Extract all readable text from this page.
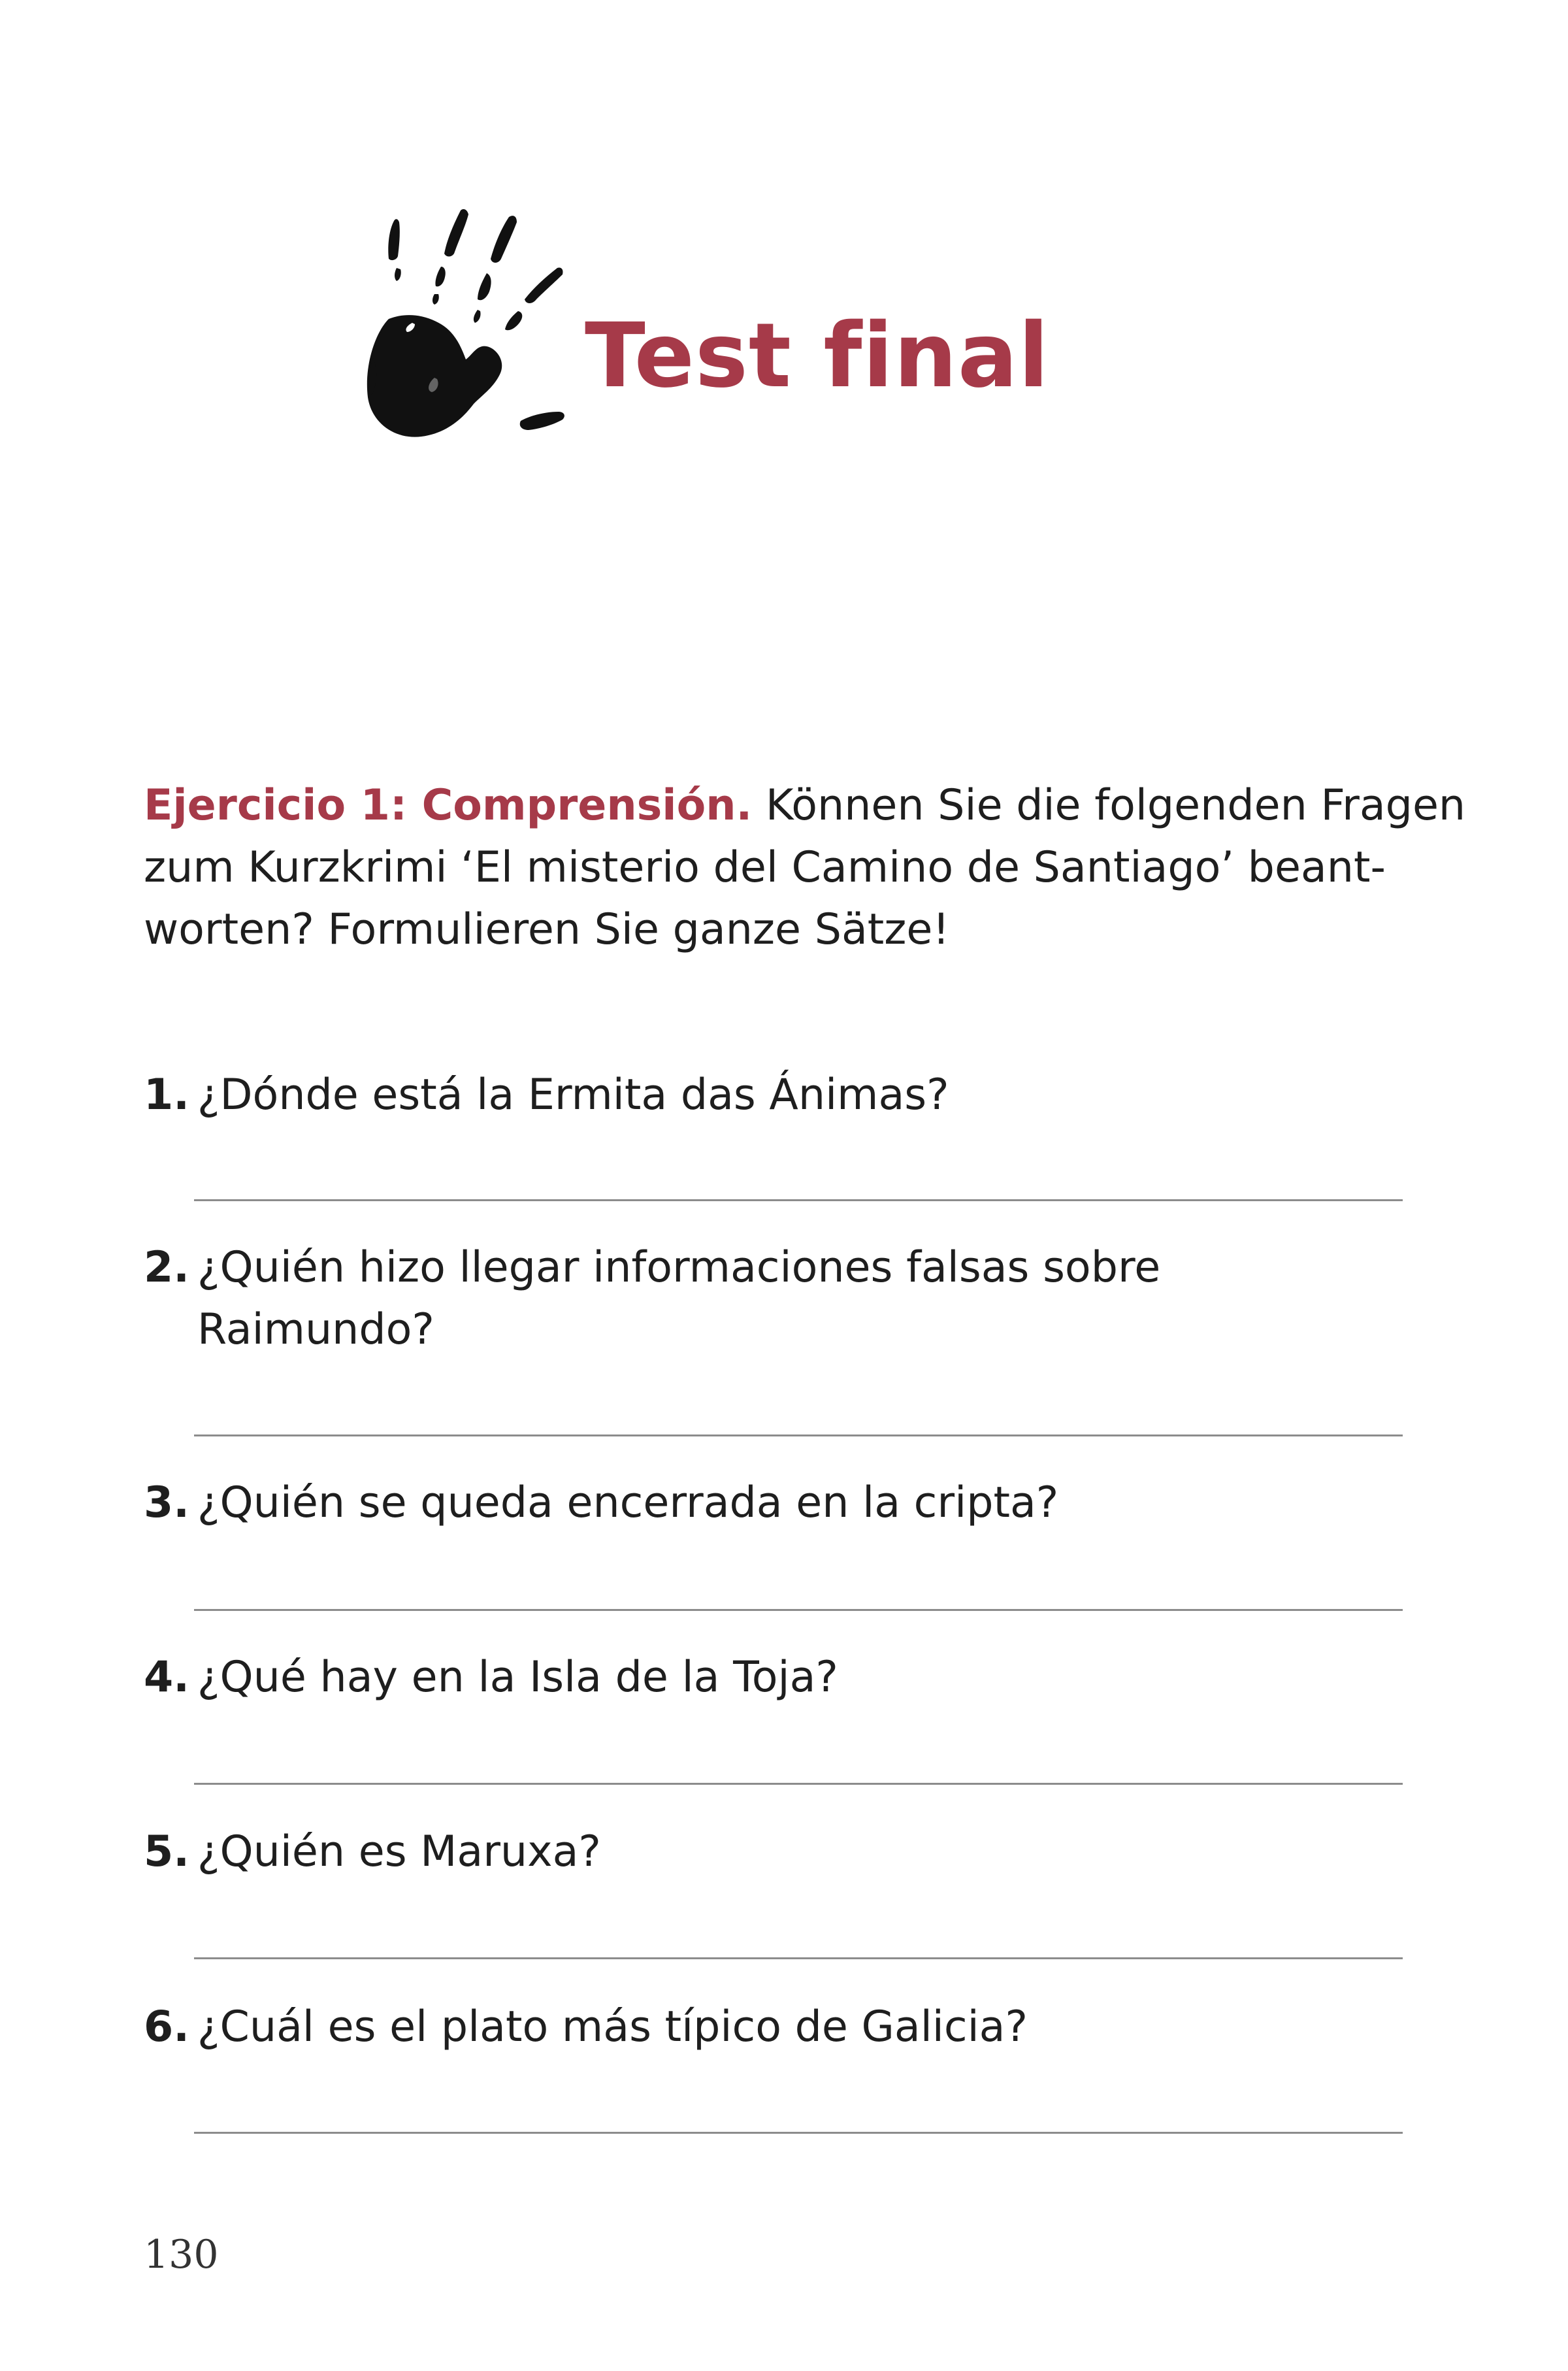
Test final
Ejercicio 1: Comprensión. Können Sie die folgenden Fragen
zum Kurzkrimi ‘El misterio del Camino de Santiago’ beant-
worten? Formulieren Sie ganze Sätze!
1. ¿Dónde está la Ermita das Ánimas?
2. ¿Quién hizo llegar informaciones falsas sobre
Raimundo?
3. ¿Quién se queda encerrada en la cripta?
4. ¿Qué hay en la Isla de la Toja?
5. ¿Quién es Maruxa?
6. ¿Cuál es el plato más típico de Galicia?
130
